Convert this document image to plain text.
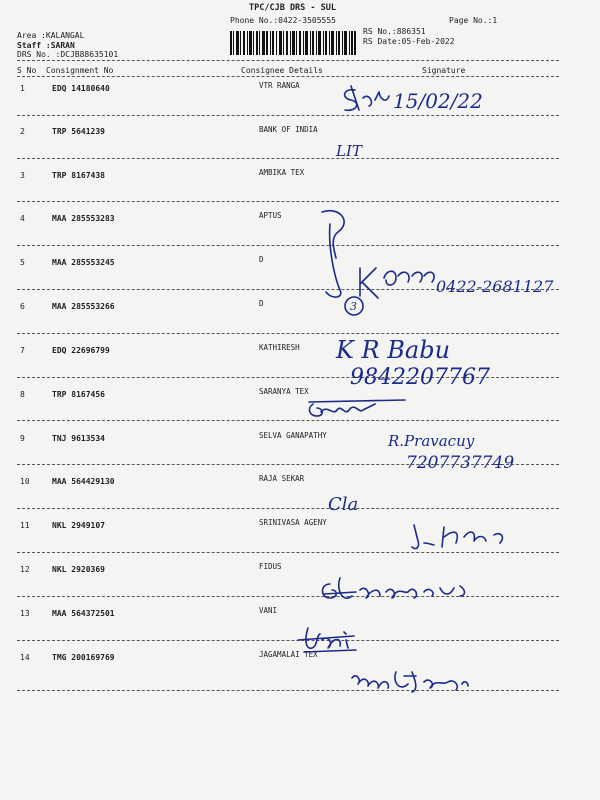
TPC/CJB DRS - SUL
Phone No.:0422-3505555	Page No.:1
Area :KALANGAL
Staff :SARAN
DRS No. :DCJB88635101
RS No.:886351
RS Date:05-Feb-2022
S No Consignment No	Consignee Details	Signature
1	EDQ 14180640	VTR RANGA
2	TRP 5641239	BANK OF INDIA
3	TRP 8167438	AMBIKA TEX
4	MAA 285553283	APTUS
5	MAA 285553245	D
6	MAA 285553266	D
7	EDQ 22696799	KATHIRESH
8	TRP 8167456	SARANYA TEX
9	TNJ 9613534	SELVA GANAPATHY
10	MAA 564429130	RAJA SEKAR
11	NKL 2949107	SRINIVASA AGENY
12	NKL 2920369	FIDUS
13	MAA 564372501	VANI
14	TMG 200169769	JAGAMALAI TEX
15/02/22
LIT
3
0422-2681127
K R Babu
9842207767
R.Pravacuy
7207737749
Cla
